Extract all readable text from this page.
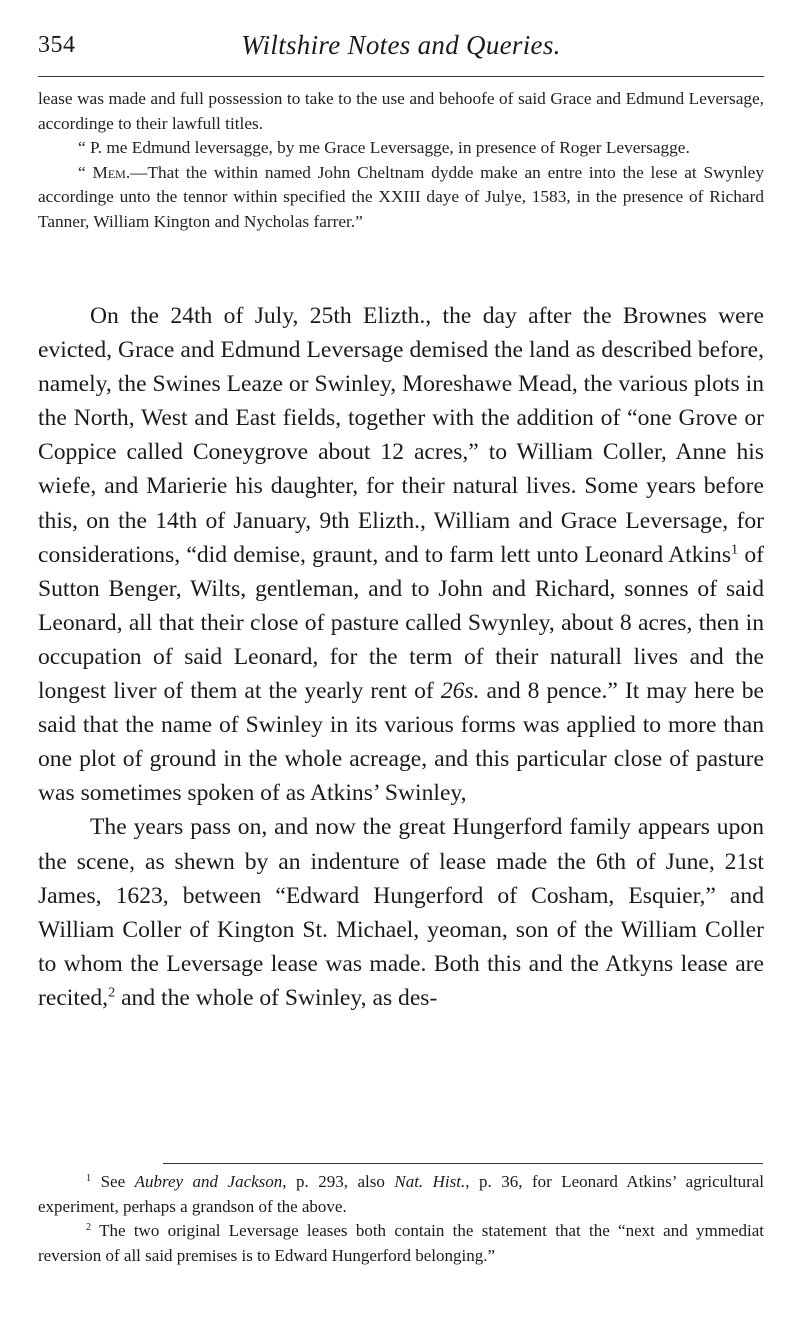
354	Wiltshire Notes and Queries.

lease was made and full possession to take to the use and behoofe of said Grace and Edmund Leversage, accordinge to their lawfull titles.

“ P. me Edmund leversagge, by me Grace Leversagge, in presence of Roger Leversagge.

“ Mem.—That the within named John Cheltnam dydde make an entre into the lese at Swynley accordinge unto the tennor within specified the XXIII daye of Julye, 1583, in the presence of Richard Tanner, William Kington and Nycholas farrer.”

On the 24th of July, 25th Elizth., the day after the Brownes were evicted, Grace and Edmund Leversage demised the land as described before, namely, the Swines Leaze or Swinley, Moreshawe Mead, the various plots in the North, West and East fields, together with the addition of “one Grove or Coppice called Coneygrove about 12 acres,” to William Coller, Anne his wiefe, and Marierie his daughter, for their natural lives. Some years before this, on the 14th of January, 9th Elizth., William and Grace Leversage, for considerations, “did demise, graunt, and to farm lett unto Leonard Atkins$^1$ of Sutton Benger, Wilts, gentleman, and to John and Richard, sonnes of said Leonard, all that their close of pasture called Swynley, about 8 acres, then in occupation of said Leonard, for the term of their naturall lives and the longest liver of them at the yearly rent of 26s. and 8 pence.” It may here be said that the name of Swinley in its various forms was applied to more than one plot of ground in the whole acreage, and this particular close of pasture was sometimes spoken of as Atkins’ Swinley,

The years pass on, and now the great Hungerford family appears upon the scene, as shewn by an indenture of lease made the 6th of June, 21st James, 1623, between “Edward Hungerford of Cosham, Esquier,” and William Coller of Kington St. Michael, yeoman, son of the William Coller to whom the Leversage lease was made. Both this and the Atkyns lease are recited,$^2$ and the whole of Swinley, as des-

$^1$ See Aubrey and Jackson, p. 293, also Nat. Hist., p. 36, for Leonard Atkins’ agricultural experiment, perhaps a grandson of the above.

$^2$ The two original Leversage leases both contain the statement that the “next and ymmediat reversion of all said premises is to Edward Hungerford belonging.”
